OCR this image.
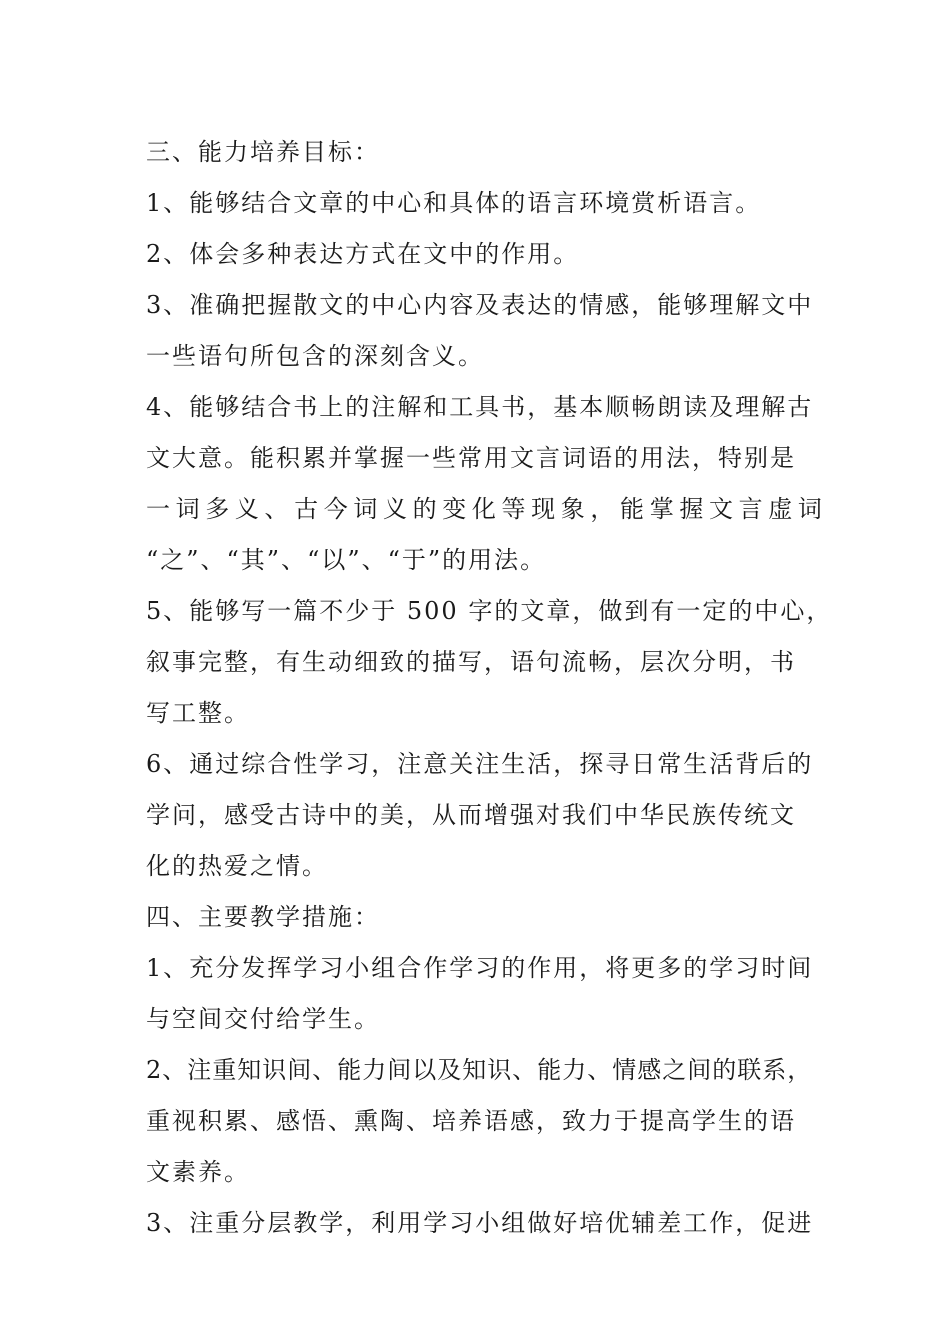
三、能力培养目标：
1、能够结合文章的中心和具体的语言环境赏析语言。
2、体会多种表达方式在文中的作用。
3、准确把握散文的中心内容及表达的情感，能够理解文中
一些语句所包含的深刻含义。
4、能够结合书上的注解和工具书，基本顺畅朗读及理解古
文大意。能积累并掌握一些常用文言词语的用法，特别是
一 词 多 义 、 古 今 词 义 的 变 化 等 现 象 ， 能 掌 握 文 言 虚 词
“之”、“其”、“以”、“于”的用法。
5、能够写一篇不少于 500 字的文章，做到有一定的中心，
叙事完整，有生动细致的描写，语句流畅，层次分明，书
写工整。
6、通过综合性学习，注意关注生活，探寻日常生活背后的
学问，感受古诗中的美，从而增强对我们中华民族传统文
化的热爱之情。
四、主要教学措施：
1、充分发挥学习小组合作学习的作用，将更多的学习时间
与空间交付给学生。
2、注重知识间、能力间以及知识、能力、情感之间的联系，
重视积累、感悟、熏陶、培养语感，致力于提高学生的语
文素养。
3、注重分层教学，利用学习小组做好培优辅差工作，促进
